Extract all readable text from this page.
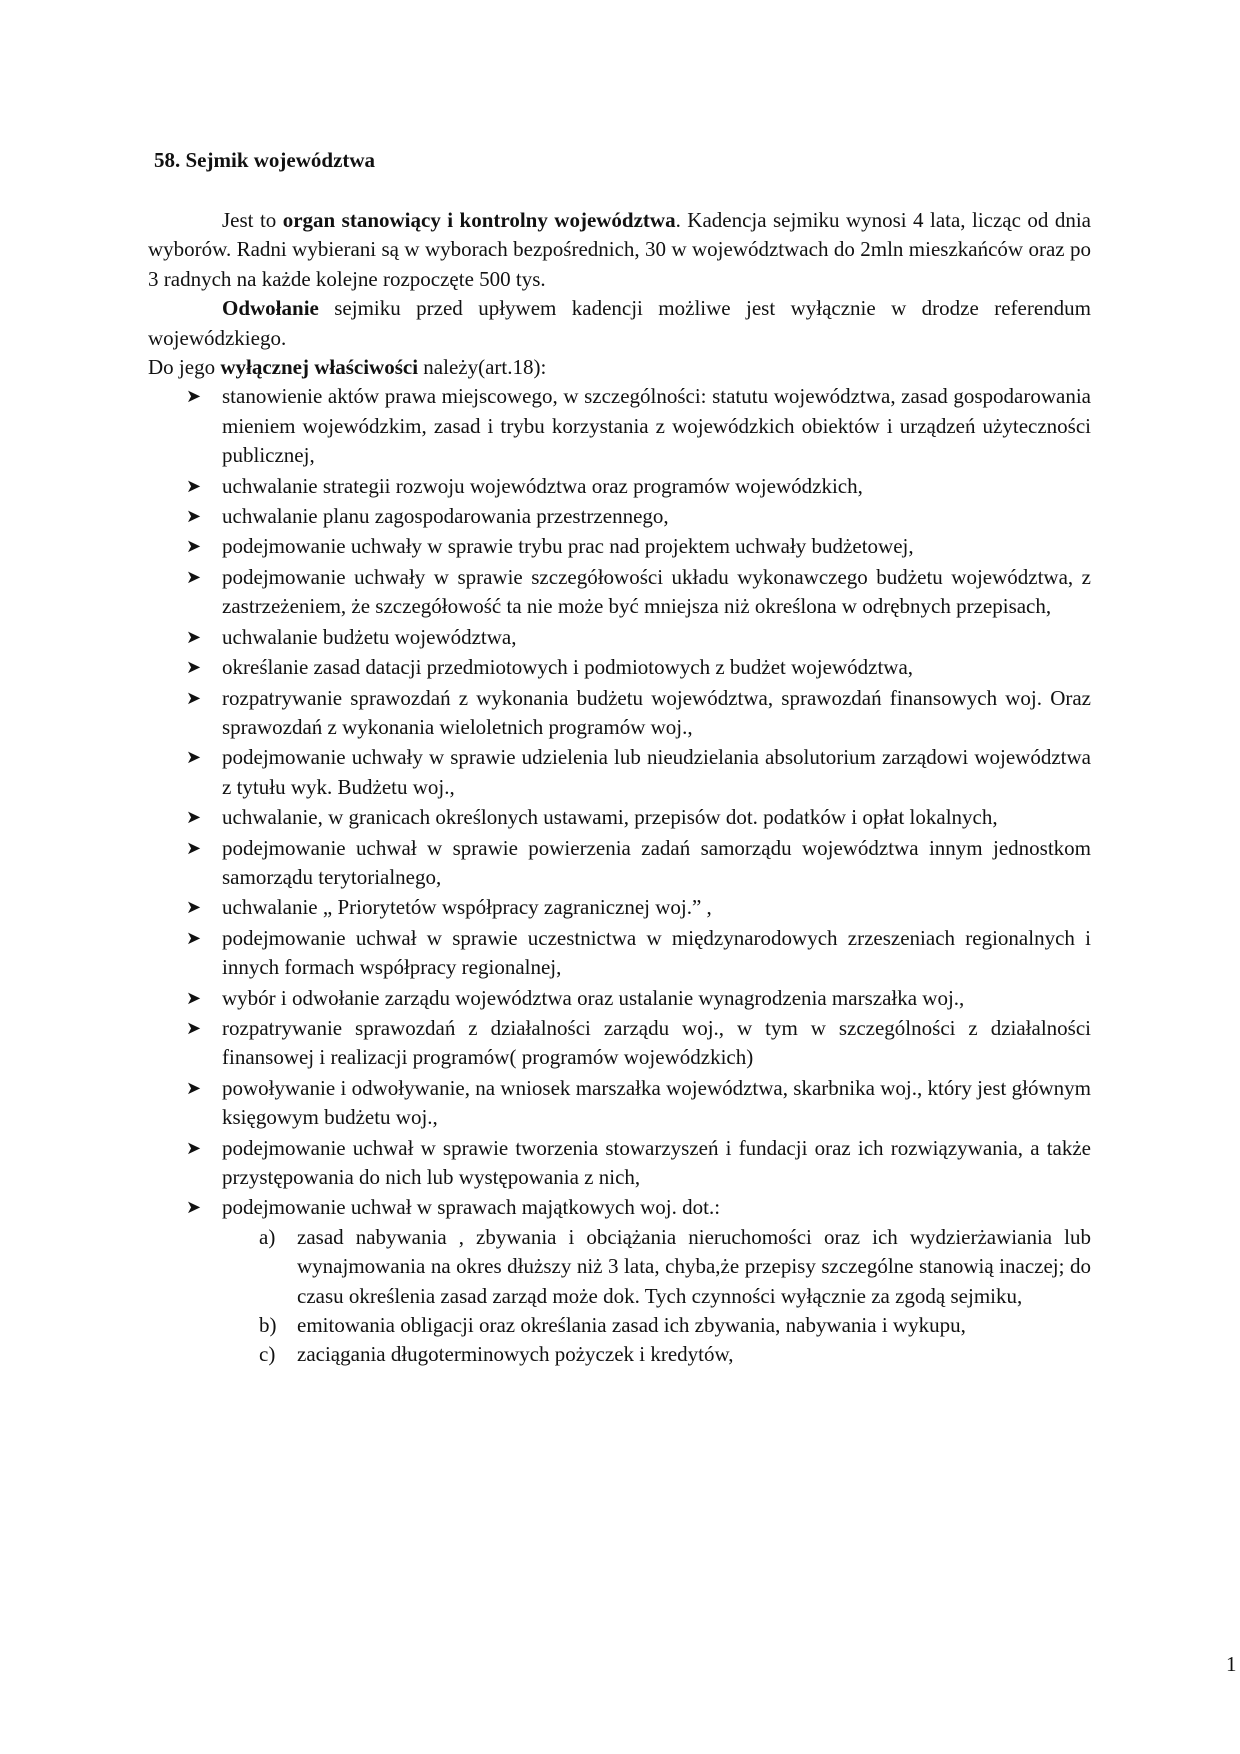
58. Sejmik województwa

Jest to organ stanowiący i kontrolny województwa. Kadencja sejmiku wynosi 4 lata, licząc od dnia wyborów. Radni wybierani są w wyborach bezpośrednich, 30 w województwach do 2mln mieszkańców oraz po 3 radnych na każde kolejne rozpoczęte 500 tys.

Odwołanie sejmiku przed upływem kadencji możliwe jest wyłącznie w drodze referendum wojewódzkiego.

Do jego wyłącznej właściwości należy(art.18):

➤ stanowienie aktów prawa miejscowego, w szczególności: statutu województwa, zasad gospodarowania mieniem wojewódzkim, zasad i trybu korzystania z wojewódzkich obiektów i urządzeń użyteczności publicznej,
➤ uchwalanie strategii rozwoju województwa oraz programów wojewódzkich,
➤ uchwalanie planu zagospodarowania przestrzennego,
➤ podejmowanie uchwały w sprawie trybu prac nad projektem uchwały budżetowej,
➤ podejmowanie uchwały w sprawie szczegółowości układu wykonawczego budżetu województwa, z zastrzeżeniem, że szczegółowość ta nie może być mniejsza niż określona w odrębnych przepisach,
➤ uchwalanie budżetu województwa,
➤ określanie zasad datacji przedmiotowych i podmiotowych z budżet województwa,
➤ rozpatrywanie sprawozdań z wykonania budżetu województwa, sprawozdań finansowych woj. Oraz sprawozdań z wykonania wieloletnich programów woj.,
➤ podejmowanie uchwały w sprawie udzielenia lub nieudzielania absolutorium zarządowi województwa z tytułu wyk. Budżetu woj.,
➤ uchwalanie, w granicach określonych ustawami, przepisów dot. podatków i opłat lokalnych,
➤ podejmowanie uchwał w sprawie powierzenia zadań samorządu województwa innym jednostkom samorządu terytorialnego,
➤ uchwalanie „ Priorytetów współpracy zagranicznej woj.” ,
➤ podejmowanie uchwał w sprawie uczestnictwa w międzynarodowych zrzeszeniach regionalnych i innych formach współpracy regionalnej,
➤ wybór i odwołanie zarządu województwa oraz ustalanie wynagrodzenia marszałka woj.,
➤ rozpatrywanie sprawozdań z działalności zarządu woj., w tym w szczególności z działalności finansowej i realizacji programów( programów wojewódzkich)
➤ powoływanie i odwoływanie, na wniosek marszałka województwa, skarbnika woj., który jest głównym księgowym budżetu woj.,
➤ podejmowanie uchwał w sprawie tworzenia stowarzyszeń i fundacji oraz ich rozwiązywania, a także przystępowania do nich lub występowania z nich,
➤ podejmowanie uchwał w sprawach majątkowych woj. dot.:
a) zasad nabywania , zbywania i obciążania nieruchomości oraz ich wydzierżawiania lub wynajmowania na okres dłuższy niż 3 lata, chyba,że przepisy szczególne stanowią inaczej; do czasu określenia zasad zarząd może dok. Tych czynności wyłącznie za zgodą sejmiku,
b) emitowania obligacji oraz określania zasad ich zbywania, nabywania i wykupu,
c) zaciągania długoterminowych pożyczek i kredytów,
1
